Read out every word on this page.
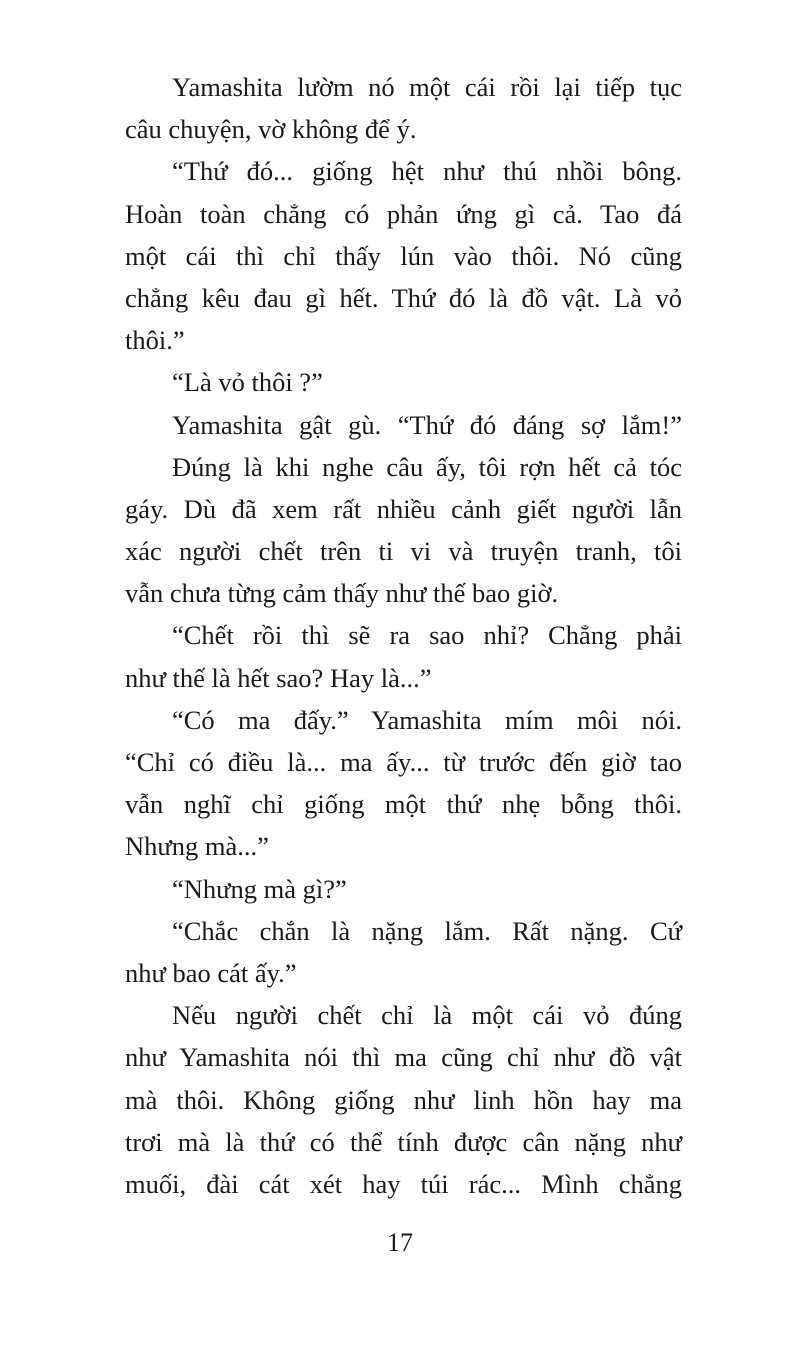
Yamashita lườm nó một cái rồi lại tiếp tục
câu chuyện, vờ không để ý.
“Thứ đó... giống hệt như thú nhồi bông.
Hoàn toàn chẳng có phản ứng gì cả. Tao đá
một cái thì chỉ thấy lún vào thôi. Nó cũng
chẳng kêu đau gì hết. Thứ đó là đồ vật. Là vỏ
thôi.”
“Là vỏ thôi ?”
Yamashita gật gù. “Thứ đó đáng sợ lắm!”
Đúng là khi nghe câu ấy, tôi rợn hết cả tóc
gáy. Dù đã xem rất nhiều cảnh giết người lẫn
xác người chết trên ti vi và truyện tranh, tôi
vẫn chưa từng cảm thấy như thế bao giờ.
“Chết rồi thì sẽ ra sao nhỉ? Chẳng phải
như thế là hết sao? Hay là...”
“Có ma đấy.” Yamashita mím môi nói.
“Chỉ có điều là... ma ấy... từ trước đến giờ tao
vẫn nghĩ chỉ giống một thứ nhẹ bỗng thôi.
Nhưng mà...”
“Nhưng mà gì?”
“Chắc chắn là nặng lắm. Rất nặng. Cứ
như bao cát ấy.”
Nếu người chết chỉ là một cái vỏ đúng
như Yamashita nói thì ma cũng chỉ như đồ vật
mà thôi. Không giống như linh hồn hay ma
trơi mà là thứ có thể tính được cân nặng như
muối, đài cát xét hay túi rác... Mình chẳng
17
